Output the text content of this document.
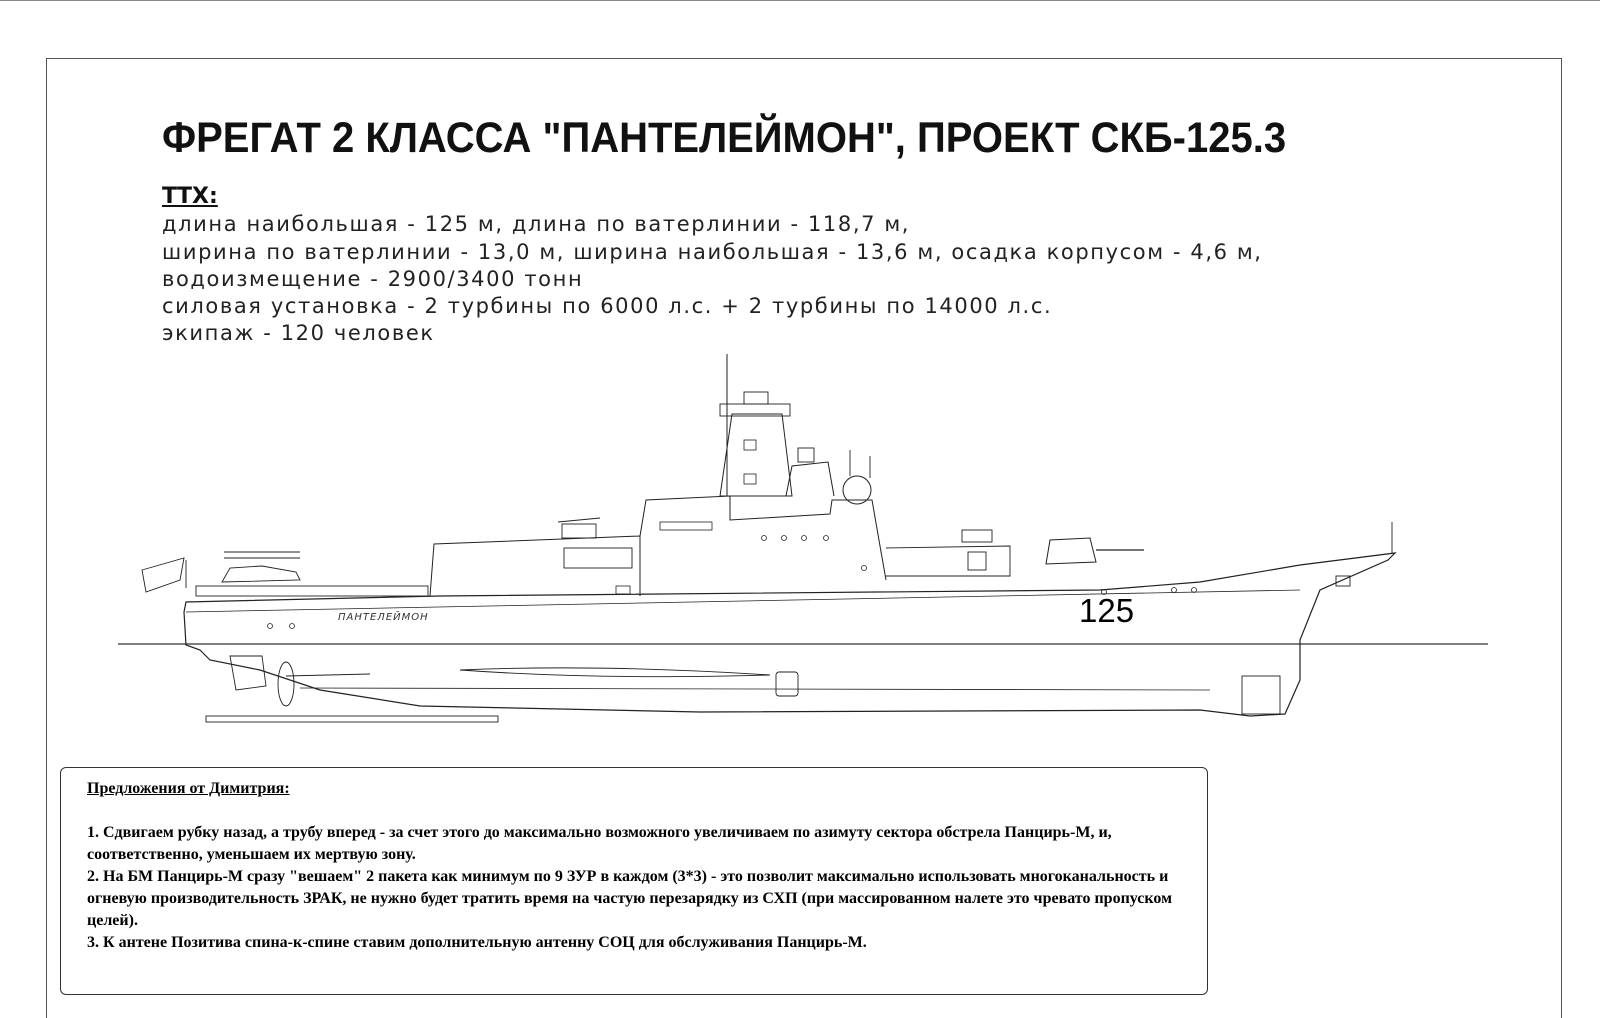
ФРЕГАТ 2 КЛАССА "ПАНТЕЛЕЙМОН", ПРОЕКТ СКБ-125.3
ТТХ:
длина наибольшая - 125 м, длина по ватерлинии - 118,7 м,
ширина по ватерлинии - 13,0 м, ширина наибольшая - 13,6 м, осадка корпусом - 4,6 м,
водоизмещение - 2900/3400 тонн
силовая установка - 2 турбины по 6000 л.с. + 2 турбины по 14000 л.с.
экипаж - 120 человек
125
ПАНТЕЛЕЙМОН
Предложения от Димитрия:
1. Сдвигаем рубку назад, а трубу вперед - за счет этого до максимально возможного увеличиваем по азимуту сектора обстрела Панцирь-М, и, соответственно, уменьшаем их мертвую зону.
2. На БМ Панцирь-М сразу "вешаем" 2 пакета как минимум по 9 ЗУР в каждом (3*3) - это позволит максимально использовать многоканальность и огневую производительность ЗРАК, не нужно будет тратить время на частую перезарядку из СХП (при массированном налете это чревато пропуском целей).
3. К антене Позитива спина-к-спине ставим дополнительную антенну СОЦ для обслуживания Панцирь-М.
